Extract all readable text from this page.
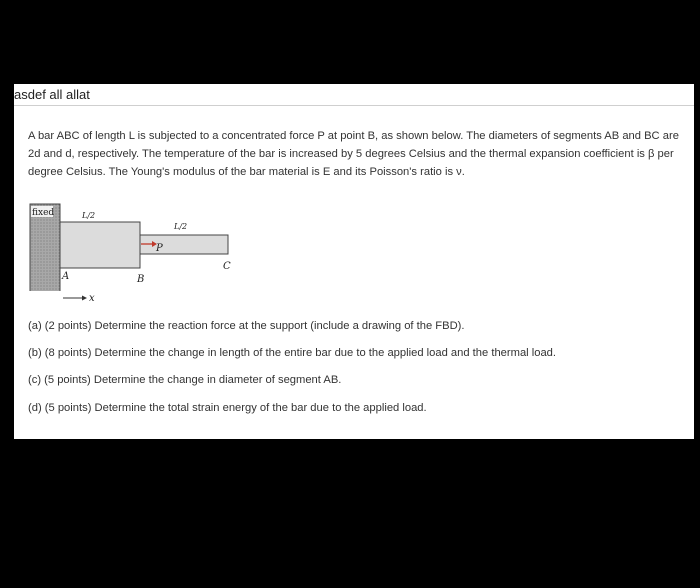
asdef all allat
A bar ABC of length L is subjected to a concentrated force P at point B, as shown below. The diameters of segments AB and BC are 2d and d, respectively. The temperature of the bar is increased by 5 degrees Celsius and the thermal expansion coefficient is β per degree Celsius. The Young's modulus of the bar material is E and its Poisson's ratio is ν.
fixed	L/2
L/2
P
A	B
C
x
(a) (2 points) Determine the reaction force at the support (include a drawing of the FBD).
(b) (8 points) Determine the change in length of the entire bar due to the applied load and the thermal load.
(c) (5 points) Determine the change in diameter of segment AB.
(d) (5 points) Determine the total strain energy of the bar due to the applied load.
